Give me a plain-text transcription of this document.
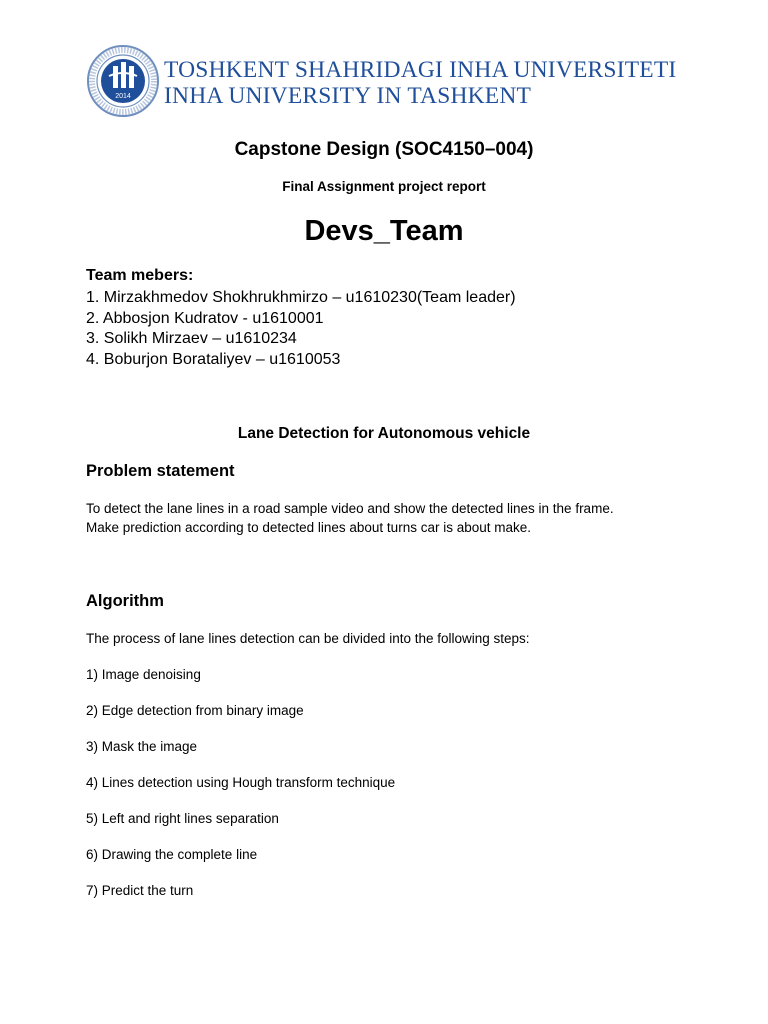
2014
TOSHKENT SHAHRIDAGI INHA UNIVERSITETI
INHA UNIVERSITY IN TASHKENT
Capstone Design (SOC4150–004)
Final Assignment project report
Devs_Team
Team mebers:
1. Mirzakhmedov Shokhrukhmirzo – u1610230(Team leader)
2. Abbosjon Kudratov - u1610001
3. Solikh Mirzaev – u1610234
4. Boburjon Borataliyev – u1610053
Lane Detection for Autonomous vehicle
Problem statement
To detect the lane lines in a road sample video and show the detected lines in the frame.
Make prediction according to detected lines about turns car is about make.
Algorithm
The process of lane lines detection can be divided into the following steps:
1) Image denoising
2) Edge detection from binary image
3) Mask the image
4) Lines detection using Hough transform technique
5) Left and right lines separation
6) Drawing the complete line
7) Predict the turn
